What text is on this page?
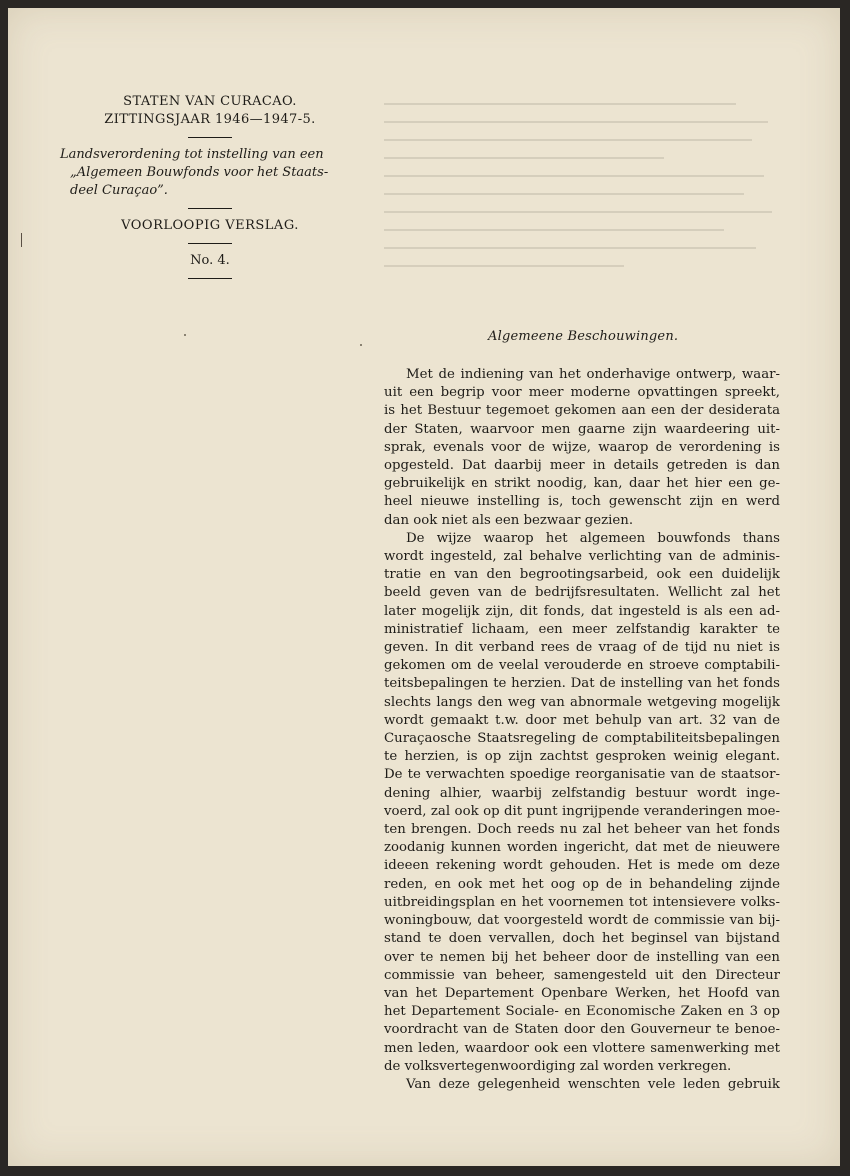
STATEN VAN CURACAO.
ZITTINGSJAAR 1946—1947-5.
Landsverordening tot instelling van een
„Algemeen Bouwfonds voor het Staats-
deel Curaçao”.
VOORLOOPIG VERSLAG.
No. 4.
Algemeene Beschouwingen.
Met de indiening van het onderhavige ontwerp, waar-
uit een begrip voor meer moderne opvattingen spreekt,
is het Bestuur tegemoet gekomen aan een der desiderata
der Staten, waarvoor men gaarne zijn waardeering uit-
sprak, evenals voor de wijze, waarop de verordening is
opgesteld. Dat daarbij meer in details getreden is dan
gebruikelijk en strikt noodig, kan, daar het hier een ge-
heel nieuwe instelling is, toch gewenscht zijn en werd
dan ook niet als een bezwaar gezien.
De wijze waarop het algemeen bouwfonds thans
wordt ingesteld, zal behalve verlichting van de adminis-
tratie en van den begrootingsarbeid, ook een duidelijk
beeld geven van de bedrijfsresultaten. Wellicht zal het
later mogelijk zijn, dit fonds, dat ingesteld is als een ad-
ministratief lichaam, een meer zelfstandig karakter te
geven. In dit verband rees de vraag of de tijd nu niet is
gekomen om de veelal verouderde en stroeve comptabili-
teitsbepalingen te herzien. Dat de instelling van het fonds
slechts langs den weg van abnormale wetgeving mogelijk
wordt gemaakt t.w. door met behulp van art. 32 van de
Curaçaosche Staatsregeling de comptabiliteitsbepalingen
te herzien, is op zijn zachtst gesproken weinig elegant.
De te verwachten spoedige reorganisatie van de staatsor-
dening alhier, waarbij zelfstandig bestuur wordt inge-
voerd, zal ook op dit punt ingrijpende veranderingen moe-
ten brengen. Doch reeds nu zal het beheer van het fonds
zoodanig kunnen worden ingericht, dat met de nieuwere
ideeen rekening wordt gehouden. Het is mede om deze
reden, en ook met het oog op de in behandeling zijnde
uitbreidingsplan en het voornemen tot intensievere volks-
woningbouw, dat voorgesteld wordt de commissie van bij-
stand te doen vervallen, doch het beginsel van bijstand
over te nemen bij het beheer door de instelling van een
commissie van beheer, samengesteld uit den Directeur
van het Departement Openbare Werken, het Hoofd van
het Departement Sociale- en Economische Zaken en 3 op
voordracht van de Staten door den Gouverneur te benoe-
men leden, waardoor ook een vlottere samenwerking met
de volksvertegenwoordiging zal worden verkregen.
Van deze gelegenheid wenschten vele leden gebruik
